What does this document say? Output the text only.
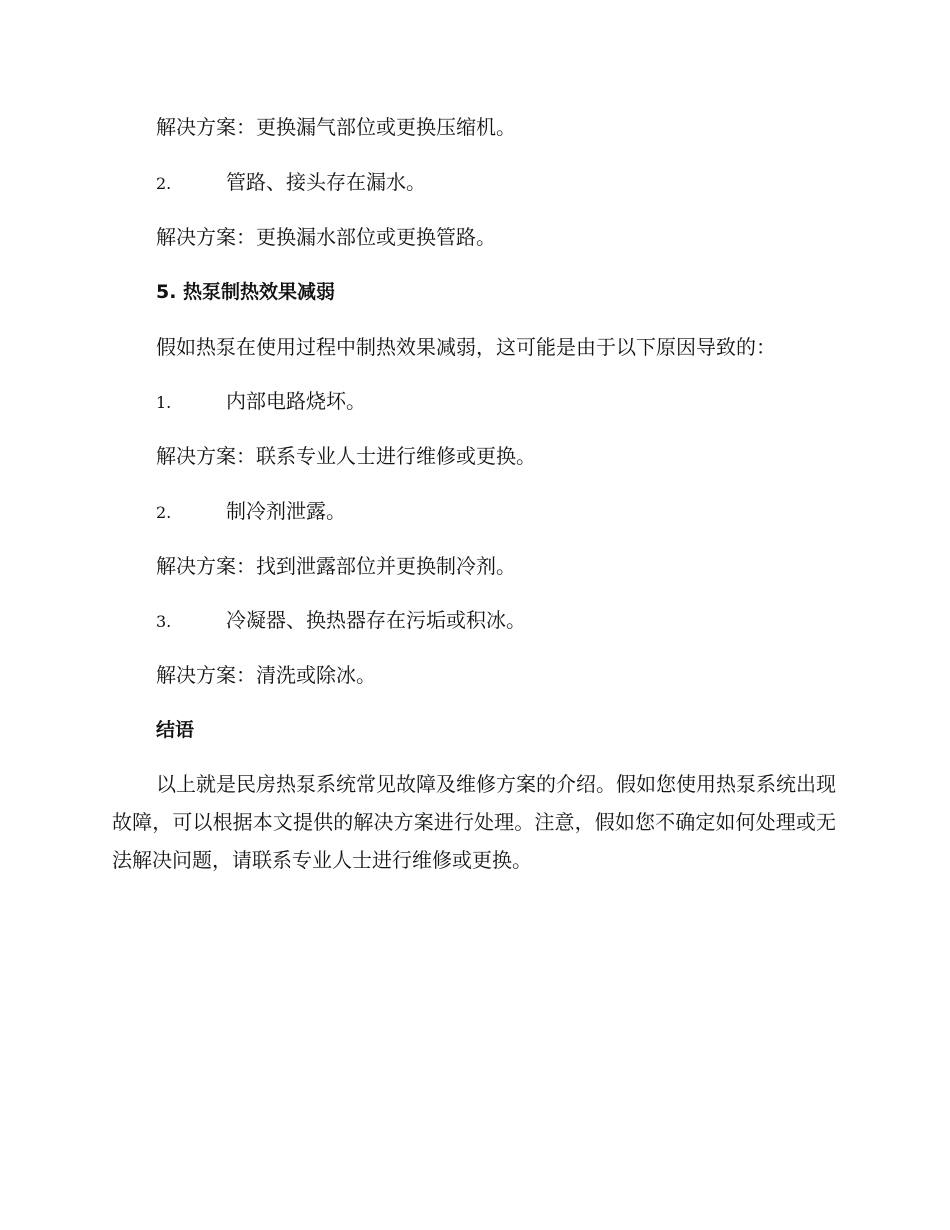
解决方案：更换漏气部位或更换压缩机。
2.	管路、接头存在漏水。
解决方案：更换漏水部位或更换管路。
5. 热泵制热效果减弱
假如热泵在使用过程中制热效果减弱，这可能是由于以下原因导致的：
1.	内部电路烧坏。
解决方案：联系专业人士进行维修或更换。
2.	制冷剂泄露。
解决方案：找到泄露部位并更换制冷剂。
3.	冷凝器、换热器存在污垢或积冰。
解决方案：清洗或除冰。
结语
以上就是民房热泵系统常见故障及维修方案的介绍。假如您使用热泵系统出现故障，可以根据本文提供的解决方案进行处理。注意，假如您不确定如何处理或无法解决问题，请联系专业人士进行维修或更换。
